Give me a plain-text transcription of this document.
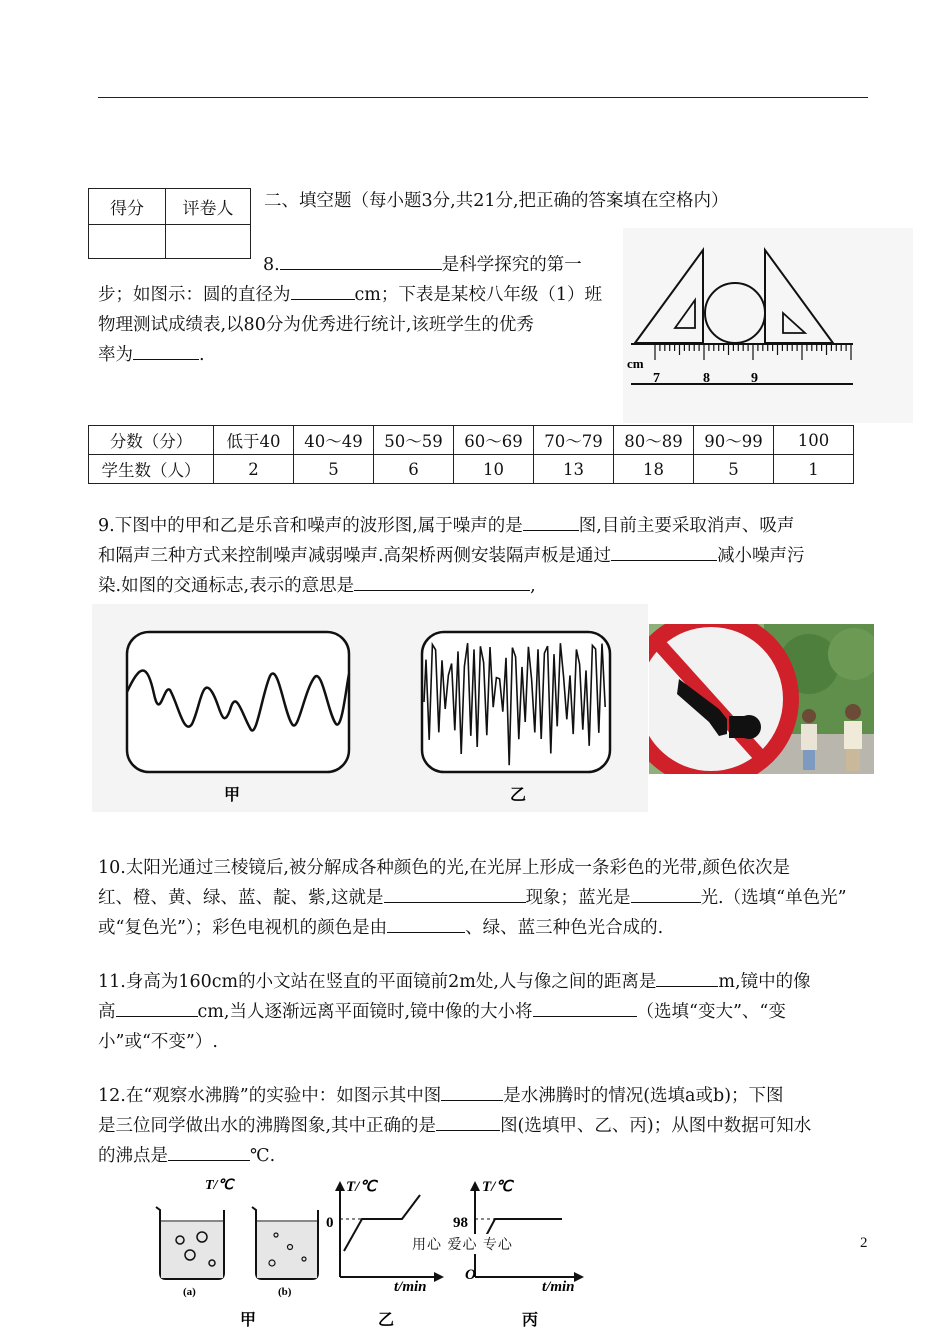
得分	评卷人
	二、填空题（每小题3分,共21分,把正确的答案填在空格内）
8.	是科学探究的第一
步；如图示：圆的直径为	cm；下表是某校八年级（1）班
物理测试成绩表,以80分为优秀进行统计,该班学生的优秀
率为	.	cm
7	8	9
分数（分）	低于40	40～49	50～59	60～69	70～79	80～89	90～99	100
学生数（人）	2	5	6	10	13	18	5	1
9.下图中的甲和乙是乐音和噪声的波形图,属于噪声的是	图,目前主要采取消声、吸声
和隔声三种方式来控制噪声减弱噪声.高架桥两侧安装隔声板是通过	减小噪声污
染.如图的交通标志,表示的意思是	,
甲	乙
10.太阳光通过三棱镜后,被分解成各种颜色的光,在光屏上形成一条彩色的光带,颜色依次是
红、橙、黄、绿、蓝、靛、紫,这就是	现象；蓝光是	光.（选填“单色光”
或“复色光”）；彩色电视机的颜色是由	、绿、蓝三种色光合成的.
11.身高为160cm的小文站在竖直的平面镜前2m处,人与像之间的距离是	m,镜中的像
高	cm,当人逐渐远离平面镜时,镜中像的大小将	（选填“变大”、“变
小”或“不变”）.
12.在“观察水沸腾”的实验中：如图示其中图	是水沸腾时的情况(选填a或b)；下图
是三位同学做出水的沸腾图象,其中正确的是	图(选填甲、乙、丙)；从图中数据可知水
的沸点是	℃.
T/℃
(a)	(b)
T/℃
0
t/min
T/℃
98
O
t/min
甲	乙	丙
用心 爱心 专心	2
